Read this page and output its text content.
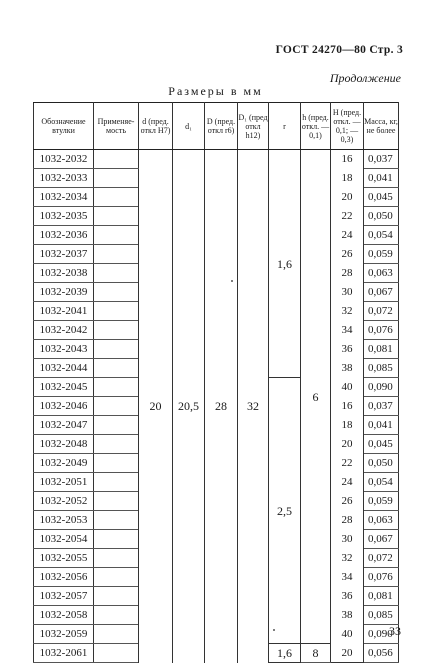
ГОСТ 24270—80 Стр. 3
Продолжение
Размеры в мм
Обозначение втулки	Применяе-мость	d (пред. откл H7)	d₁	D (пред. откл r6)	D₁ (пред откл h12)	r	h (пред. откл. —0,1)	H (пред. откл. —0,1; —0,3)	Масса, кг, не более
1032-2032		20	20,5	28	32	1,6	6	16	0,037
1032-2033								18	0,041
1032-2034								20	0,045
1032-2035								22	0,050
1032-2036								24	0,054
1032-2037								26	0,059
1032-2038								28	0,063
1032-2039								30	0,067
1032-2041								32	0,072
1032-2042								34	0,076
1032-2043								36	0,081
1032-2044								38	0,085
1032-2045						2,5		40	0,090
1032-2046								16	0,037
1032-2047								18	0,041
1032-2048								20	0,045
1032-2049								22	0,050
1032-2051								24	0,054
1032-2052								26	0,059
1032-2053								28	0,063
1032-2054								30	0,067
1032-2055								32	0,072
1032-2056								34	0,076
1032-2057								36	0,081
1032-2058								38	0,085
1032-2059								40	0,090
1032-2061						1,6	8	20	0,056
33
